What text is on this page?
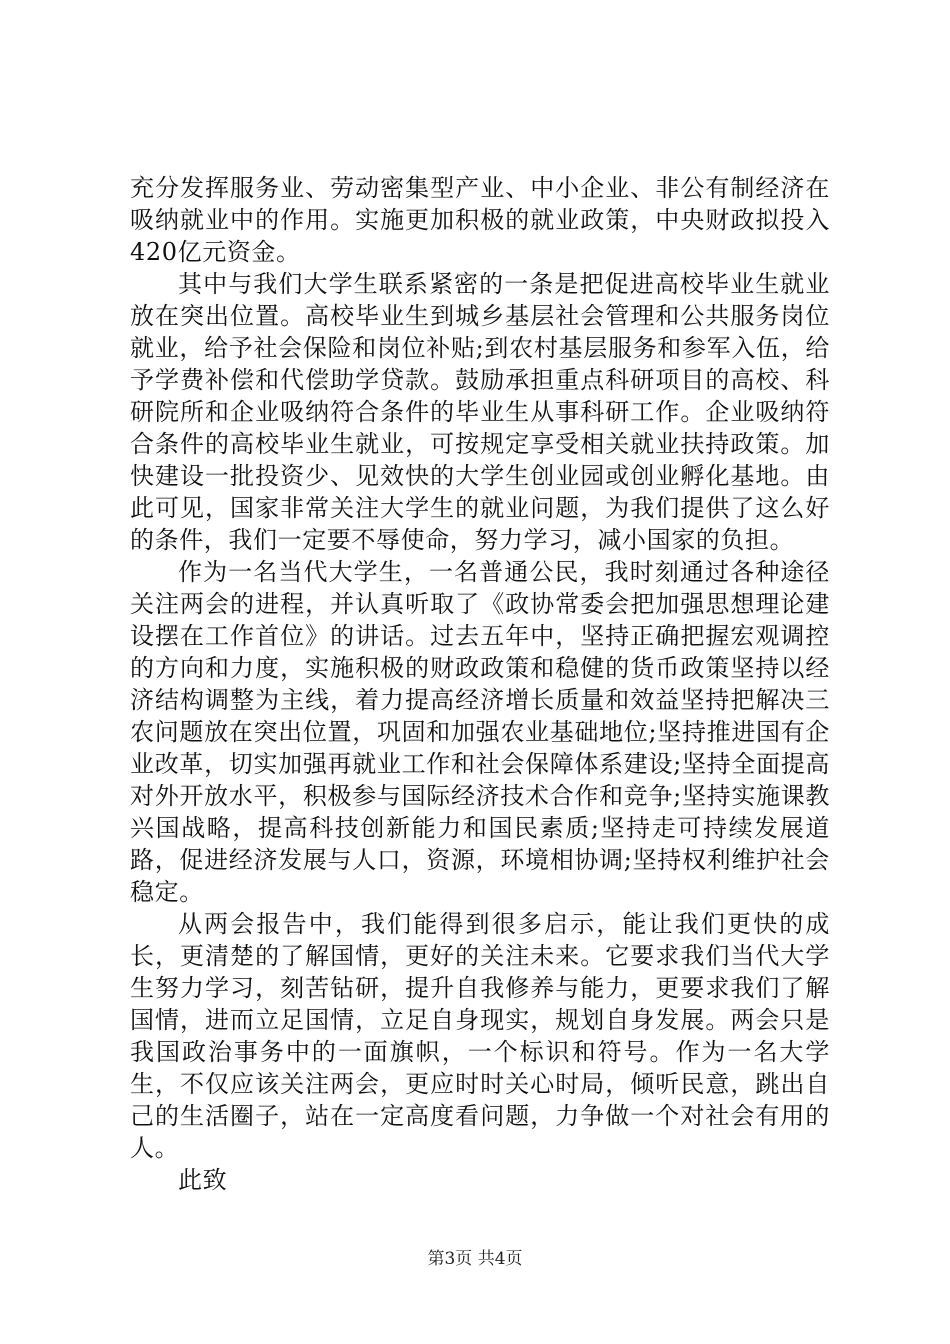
充分发挥服务业、劳动密集型产业、中小企业、非公有制经济在吸纳就业中的作用。实施更加积极的就业政策，中央财政拟投入420亿元资金。

其中与我们大学生联系紧密的一条是把促进高校毕业生就业放在突出位置。高校毕业生到城乡基层社会管理和公共服务岗位就业，给予社会保险和岗位补贴;到农村基层服务和参军入伍，给予学费补偿和代偿助学贷款。鼓励承担重点科研项目的高校、科研院所和企业吸纳符合条件的毕业生从事科研工作。企业吸纳符合条件的高校毕业生就业，可按规定享受相关就业扶持政策。加快建设一批投资少、见效快的大学生创业园或创业孵化基地。由此可见，国家非常关注大学生的就业问题，为我们提供了这么好的条件，我们一定要不辱使命，努力学习，减小国家的负担。

作为一名当代大学生，一名普通公民，我时刻通过各种途径关注两会的进程，并认真听取了《政协常委会把加强思想理论建设摆在工作首位》的讲话。过去五年中，坚持正确把握宏观调控的方向和力度，实施积极的财政政策和稳健的货币政策坚持以经济结构调整为主线，着力提高经济增长质量和效益坚持把解决三农问题放在突出位置，巩固和加强农业基础地位;坚持推进国有企业改革，切实加强再就业工作和社会保障体系建设;坚持全面提高对外开放水平，积极参与国际经济技术合作和竞争;坚持实施课教兴国战略，提高科技创新能力和国民素质;坚持走可持续发展道路，促进经济发展与人口，资源，环境相协调;坚持权利维护社会稳定。

从两会报告中，我们能得到很多启示，能让我们更快的成长，更清楚的了解国情，更好的关注未来。它要求我们当代大学生努力学习，刻苦钻研，提升自我修养与能力，更要求我们了解国情，进而立足国情，立足自身现实，规划自身发展。两会只是我国政治事务中的一面旗帜，一个标识和符号。作为一名大学生，不仅应该关注两会，更应时时关心时局，倾听民意，跳出自己的生活圈子，站在一定高度看问题，力争做一个对社会有用的人。

此致

第3页 共4页
